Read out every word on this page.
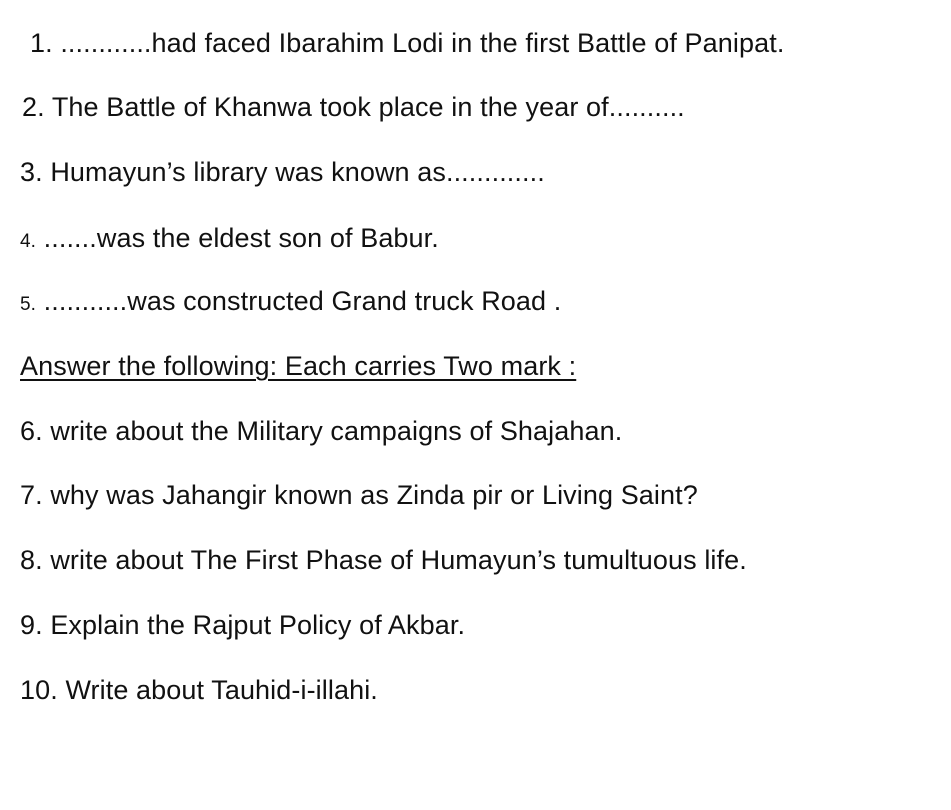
1. ............had faced Ibarahim Lodi in the first Battle of Panipat.
2. The Battle of Khanwa took place in the year of..........
3. Humayun’s library was known as.............
4. .......was the eldest son of Babur.
5. ...........was constructed Grand truck Road .
Answer the following: Each carries Two mark :
6. write about the Military campaigns of Shajahan.
7. why was Jahangir known as Zinda pir or Living Saint?
8. write about The First Phase of Humayun’s tumultuous life.
9. Explain the Rajput Policy of Akbar.
10. Write about Tauhid-i-illahi.
